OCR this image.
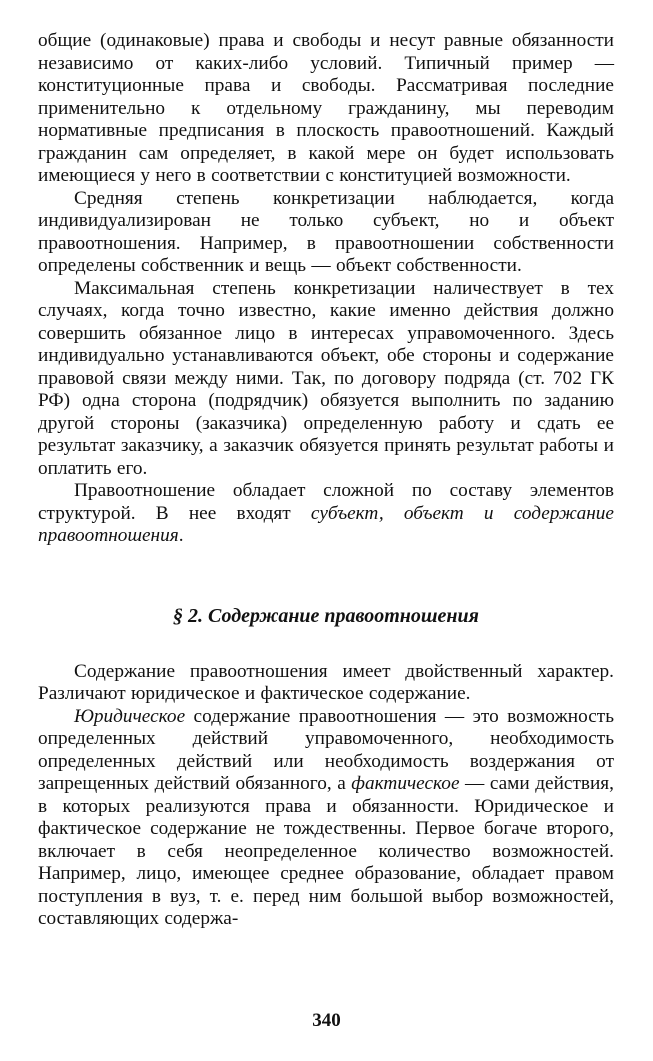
общие (одинаковые) права и свободы и несут равные обязанности независимо от каких-либо условий. Типичный пример — конституционные права и свободы. Рассматривая последние применительно к отдельному гражданину, мы переводим нормативные предписания в плоскость правоотношений. Каждый гражданин сам определяет, в какой мере он будет использовать имеющиеся у него в соответствии с конституцией возможности.

Средняя степень конкретизации наблюдается, когда индивидуализирован не только субъект, но и объект правоотношения. Например, в правоотношении собственности определены собственник и вещь — объект собственности.

Максимальная степень конкретизации наличествует в тех случаях, когда точно известно, какие именно действия должно совершить обязанное лицо в интересах управомоченного. Здесь индивидуально устанавливаются объект, обе стороны и содержание правовой связи между ними. Так, по договору подряда (ст. 702 ГК РФ) одна сторона (подрядчик) обязуется выполнить по заданию другой стороны (заказчика) определенную работу и сдать ее результат заказчику, а заказчик обязуется принять результат работы и оплатить его.

Правоотношение обладает сложной по составу элементов структурой. В нее входят субъект, объект и содержание правоотношения.

§ 2. Содержание правоотношения

Содержание правоотношения имеет двойственный характер. Различают юридическое и фактическое содержание.

Юридическое содержание правоотношения — это возможность определенных действий управомоченного, необходимость определенных действий или необходимость воздержания от запрещенных действий обязанного, а фактическое — сами действия, в которых реализуются права и обязанности. Юридическое и фактическое содержание не тождественны. Первое богаче второго, включает в себя неопределенное количество возможностей. Например, лицо, имеющее среднее образование, обладает правом поступления в вуз, т. е. перед ним большой выбор возможностей, составляющих содержа-

340
